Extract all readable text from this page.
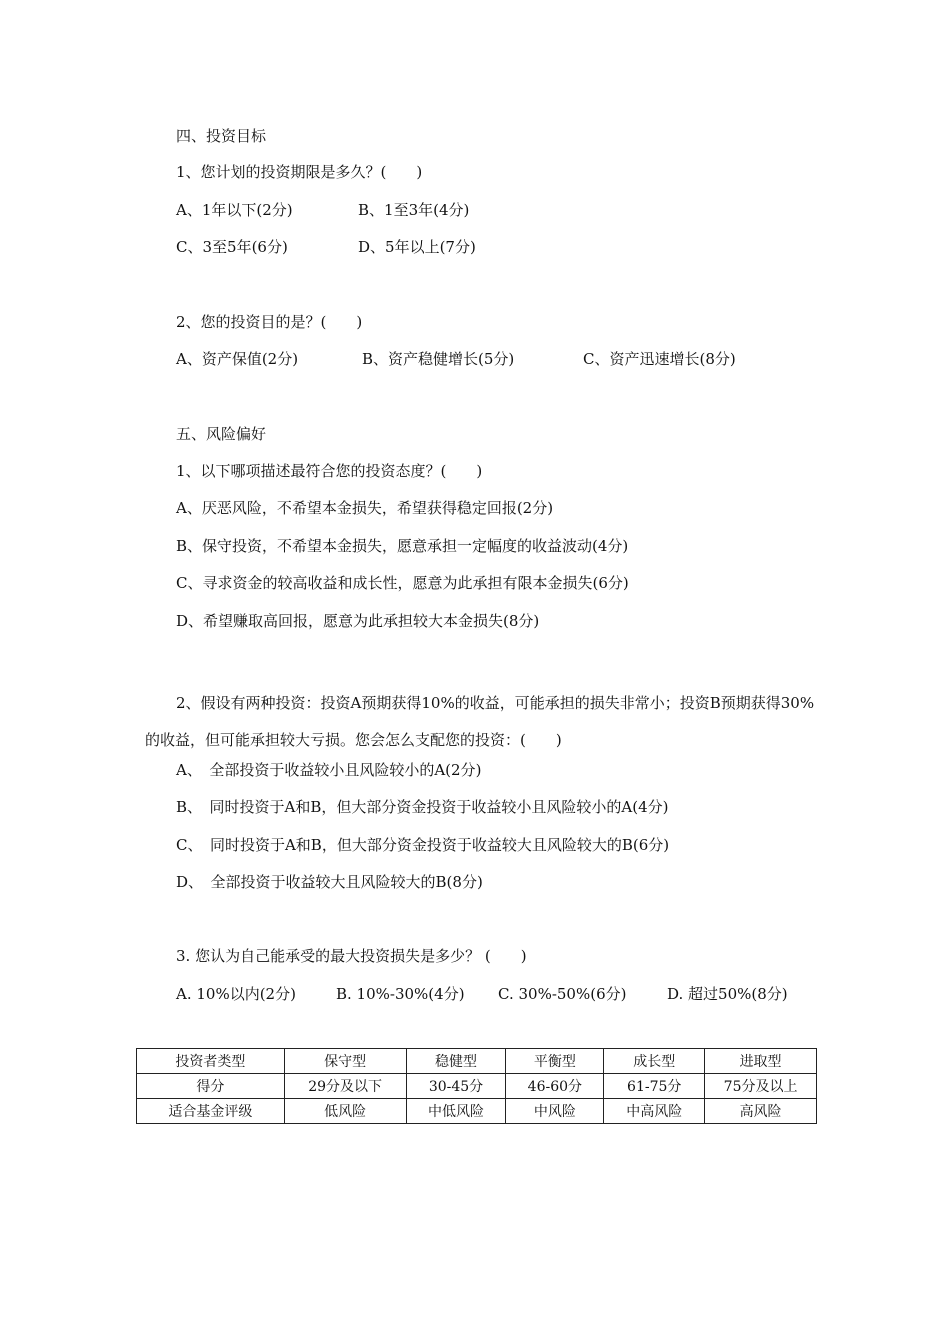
四、投资目标
1、您计划的投资期限是多久？(　　)
A、1年以下(2分)	B、1至3年(4分)
C、3至5年(6分)	D、5年以上(7分)
2、您的投资目的是？(　　)
A、资产保值(2分)	B、资产稳健增长(5分)	C、资产迅速增长(8分)
五、风险偏好
1、以下哪项描述最符合您的投资态度？(　　)
A、厌恶风险，不希望本金损失，希望获得稳定回报(2分)
B、保守投资，不希望本金损失，愿意承担一定幅度的收益波动(4分)
C、寻求资金的较高收益和成长性，愿意为此承担有限本金损失(6分)
D、希望赚取高回报，愿意为此承担较大本金损失(8分)
2、假设有两种投资：投资A预期获得10%的收益，可能承担的损失非常小；投资B预期获得30%的收益，但可能承担较大亏损。您会怎么支配您的投资：(　　)
A、　全部投资于收益较小且风险较小的A(2分)
B、　同时投资于A和B，但大部分资金投资于收益较小且风险较小的A(4分)
C、　同时投资于A和B，但大部分资金投资于收益较大且风险较大的B(6分)
D、　全部投资于收益较大且风险较大的B(8分)
3. 您认为自己能承受的最大投资损失是多少？ (　　)
A. 10%以内(2分)	B. 10%-30%(4分) C. 30%-50%(6分)	D. 超过50%(8分)
投资者类型	保守型	稳健型	平衡型	成长型	进取型
得分	29分及以下	30-45分	46-60分	61-75分	75分及以上
适合基金评级	低风险	中低风险	中风险	中高风险	高风险
